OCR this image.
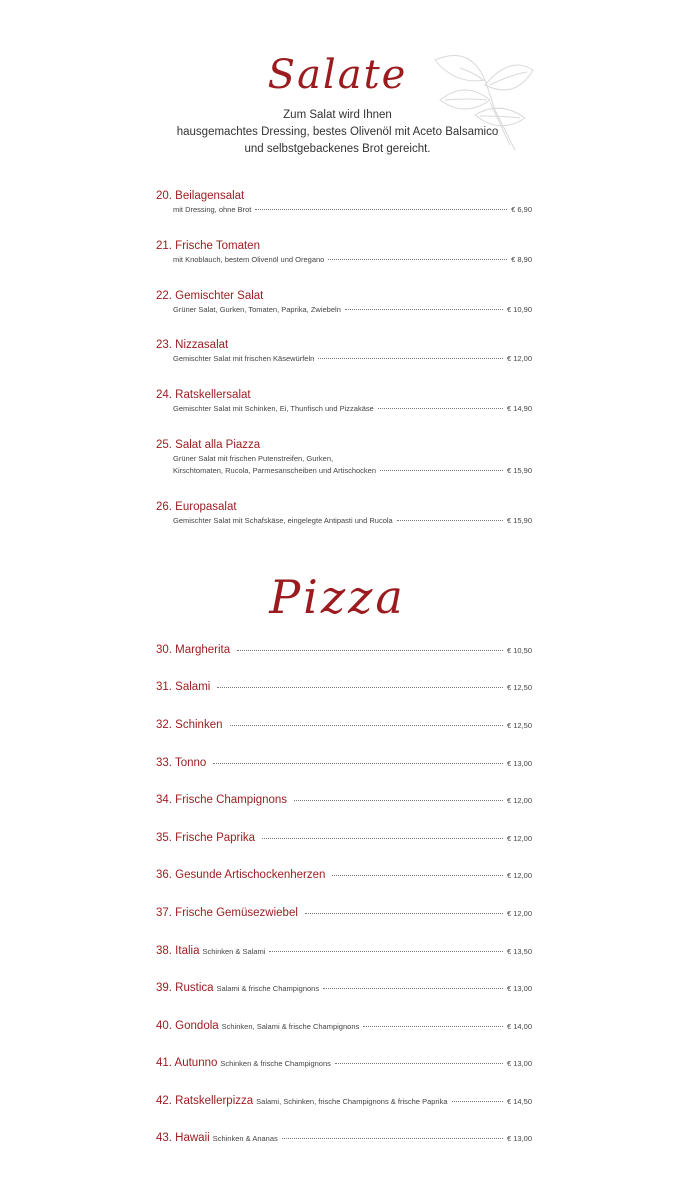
Salate
Zum Salat wird Ihnen
hausgemachtes Dressing, bestes Olivenöl mit Aceto Balsamico
und selbstgebackenes Brot gereicht.
20. Beilagensalat
mit Dressing, ohne Brot	€ 6,90
21. Frische Tomaten
mit Knoblauch, bestem Olivenöl und Oregano	€ 8,90
22. Gemischter Salat
Grüner Salat, Gurken, Tomaten, Paprika, Zwiebeln	€ 10,90
23. Nizzasalat
Gemischter Salat mit frischen Käsewürfeln	€ 12,00
24. Ratskellersalat
Gemischter Salat mit Schinken, Ei, Thunfisch und Pizzakäse	€ 14,90
25. Salat alla Piazza
Grüner Salat mit frischen Putenstreifen, Gurken,
Kirschtomaten, Rucola, Parmesanscheiben und Artischocken	€ 15,90
26. Europasalat
Gemischter Salat mit Schafskäse, eingelegte Antipasti und Rucola	€ 15,90
Pizza
30. Margherita	€ 10,50
31. Salami	€ 12,50
32. Schinken	€ 12,50
33. Tonno	€ 13,00
34. Frische Champignons	€ 12,00
35. Frische Paprika	€ 12,00
36. Gesunde Artischockenherzen	€ 12,00
37. Frische Gemüsezwiebel	€ 12,00
38. Italia Schinken & Salami	€ 13,50
39. Rustica Salami & frische Champignons	€ 13,00
40. Gondola Schinken, Salami & frische Champignons	€ 14,00
41. Autunno Schinken & frische Champignons	€ 13,00
42. Ratskellerpizza Salami, Schinken, frische Champignons & frische Paprika	€ 14,50
43. Hawaii Schinken & Ananas	€ 13,00
